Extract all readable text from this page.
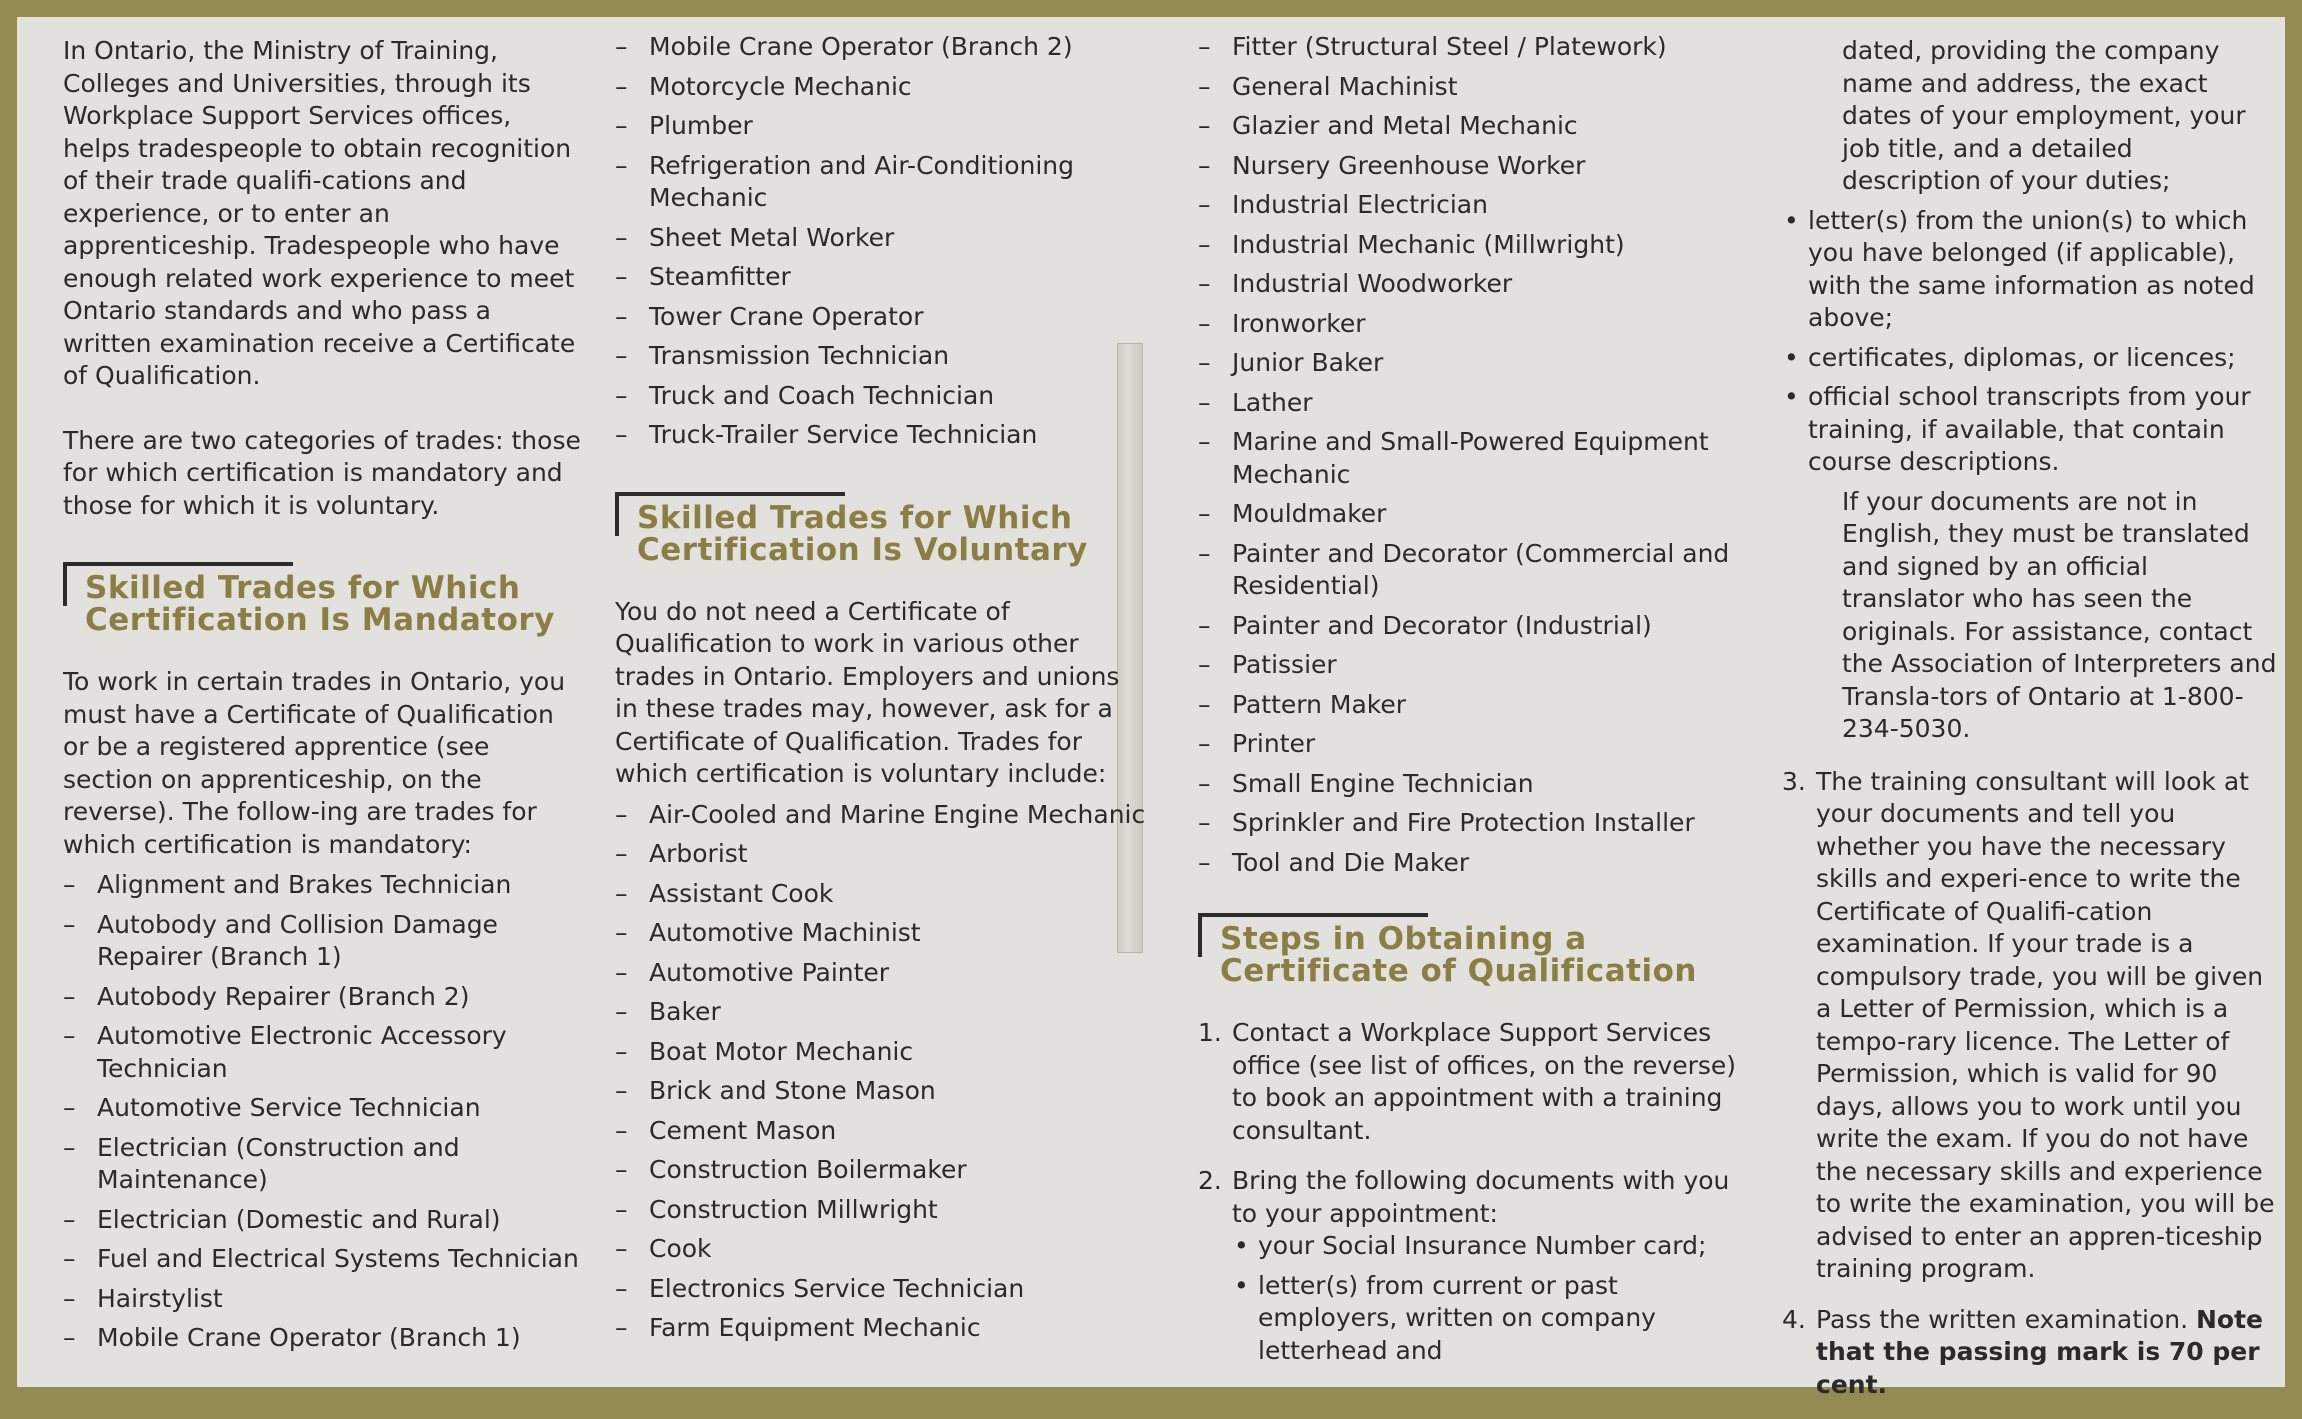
In Ontario, the Ministry of Training, Colleges and Universities, through its Workplace Support Services offices, helps tradespeople to obtain recognition of their trade qualifi-cations and experience, or to enter an apprenticeship. Tradespeople who have enough related work experience to meet Ontario standards and who pass a written examination receive a Certificate of Qualification.

There are two categories of trades: those for which certification is mandatory and those for which it is voluntary.

Skilled Trades for Which Certification Is Mandatory

To work in certain trades in Ontario, you must have a Certificate of Qualification or be a registered apprentice (see section on apprenticeship, on the reverse). The follow-ing are trades for which certification is mandatory:

– Alignment and Brakes Technician
– Autobody and Collision Damage Repairer (Branch 1)
– Autobody Repairer (Branch 2)
– Automotive Electronic Accessory Technician
– Automotive Service Technician
– Electrician (Construction and Maintenance)
– Electrician (Domestic and Rural)
– Fuel and Electrical Systems Technician
– Hairstylist
– Mobile Crane Operator (Branch 1)
– Mobile Crane Operator (Branch 2)
– Motorcycle Mechanic
– Plumber
– Refrigeration and Air-Conditioning Mechanic
– Sheet Metal Worker
– Steamfitter
– Tower Crane Operator
– Transmission Technician
– Truck and Coach Technician
– Truck-Trailer Service Technician
Skilled Trades for Which Certification Is Voluntary

You do not need a Certificate of Qualification to work in various other trades in Ontario. Employers and unions in these trades may, however, ask for a Certificate of Qualification. Trades for which certification is voluntary include:

– Air-Cooled and Marine Engine Mechanic
– Arborist
– Assistant Cook
– Automotive Machinist
– Automotive Painter
– Baker
– Boat Motor Mechanic
– Brick and Stone Mason
– Cement Mason
– Construction Boilermaker
– Construction Millwright
– Cook
– Electronics Service Technician
– Farm Equipment Mechanic
– Fitter (Structural Steel / Platework)
– General Machinist
– Glazier and Metal Mechanic
– Nursery Greenhouse Worker
– Industrial Electrician
– Industrial Mechanic (Millwright)
– Industrial Woodworker
– Ironworker
– Junior Baker
– Lather
– Marine and Small-Powered Equipment Mechanic
– Mouldmaker
– Painter and Decorator (Commercial and Residential)
– Painter and Decorator (Industrial)
– Patissier
– Pattern Maker
– Printer
– Small Engine Technician
– Sprinkler and Fire Protection Installer
– Tool and Die Maker
Steps in Obtaining a Certificate of Qualification
1. Contact a Workplace Support Services office (see list of offices, on the reverse) to book an appointment with a training consultant.
2. Bring the following documents with you to your appointment:
• your Social Insurance Number card;
• letter(s) from current or past employers, written on company letterhead and

dated, providing the company name and address, the exact dates of your employment, your job title, and a detailed description of your duties;

• letter(s) from the union(s) to which you have belonged (if applicable), with the same information as noted above;
• certificates, diplomas, or licences;
• official school transcripts from your training, if available, that contain course descriptions.

If your documents are not in English, they must be translated and signed by an official translator who has seen the originals. For assistance, contact the Association of Interpreters and Transla-tors of Ontario at 1-800-234-5030.

3. The training consultant will look at your documents and tell you whether you have the necessary skills and experi-ence to write the Certificate of Qualifi-cation examination. If your trade is a compulsory trade, you will be given a Letter of Permission, which is a tempo-rary licence. The Letter of Permission, which is valid for 90 days, allows you to work until you write the exam. If you do not have the necessary skills and experience to write the examination, you will be advised to enter an appren-ticeship training program.
4. Pass the written examination. Note that the passing mark is 70 per cent.
